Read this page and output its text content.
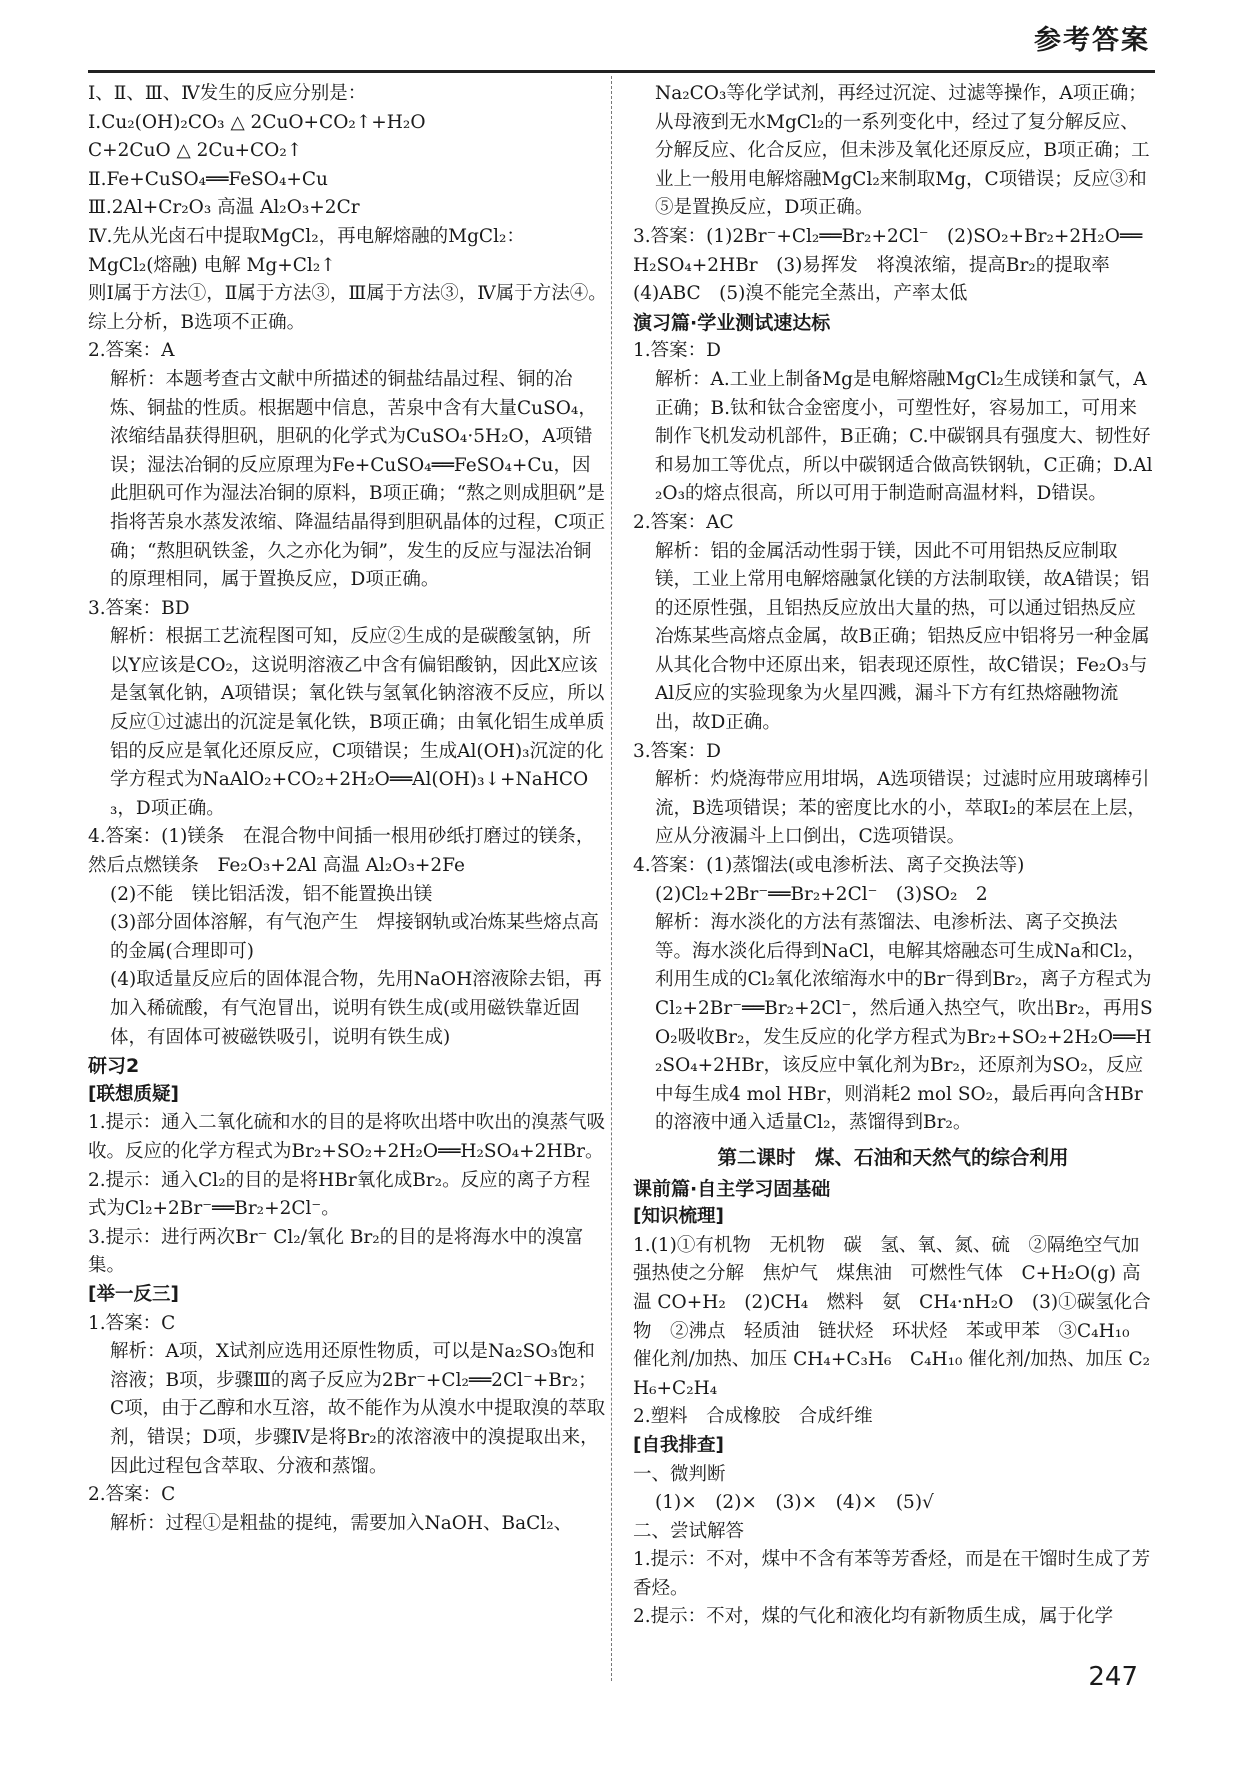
参考答案

Ⅰ、Ⅱ、Ⅲ、Ⅳ发生的反应分别是：

Ⅰ.Cu₂(OH)₂CO₃ △ 2CuO+CO₂↑+H₂O

C+2CuO △ 2Cu+CO₂↑

Ⅱ.Fe+CuSO₄══FeSO₄+Cu

Ⅲ.2Al+Cr₂O₃ 高温 Al₂O₃+2Cr

Ⅳ.先从光卤石中提取MgCl₂，再电解熔融的MgCl₂：

MgCl₂(熔融) 电解 Mg+Cl₂↑

则Ⅰ属于方法①，Ⅱ属于方法③，Ⅲ属于方法③，Ⅳ属于方法④。综上分析，B选项不正确。

2.答案：A

解析：本题考查古文献中所描述的铜盐结晶过程、铜的冶炼、铜盐的性质。根据题中信息，苦泉中含有大量CuSO₄，浓缩结晶获得胆矾，胆矾的化学式为CuSO₄·5H₂O，A项错误；湿法冶铜的反应原理为Fe+CuSO₄══FeSO₄+Cu，因此胆矾可作为湿法冶铜的原料，B项正确；“熬之则成胆矾”是指将苦泉水蒸发浓缩、降温结晶得到胆矾晶体的过程，C项正确；“熬胆矾铁釜，久之亦化为铜”，发生的反应与湿法冶铜的原理相同，属于置换反应，D项正确。

3.答案：BD

解析：根据工艺流程图可知，反应②生成的是碳酸氢钠，所以Y应该是CO₂，这说明溶液乙中含有偏铝酸钠，因此X应该是氢氧化钠，A项错误；氧化铁与氢氧化钠溶液不反应，所以反应①过滤出的沉淀是氧化铁，B项正确；由氧化铝生成单质铝的反应是氧化还原反应，C项错误；生成Al(OH)₃沉淀的化学方程式为NaAlO₂+CO₂+2H₂O══Al(OH)₃↓+NaHCO₃，D项正确。

4.答案：(1)镁条　在混合物中间插一根用砂纸打磨过的镁条，然后点燃镁条　Fe₂O₃+2Al 高温 Al₂O₃+2Fe

(2)不能　镁比铝活泼，铝不能置换出镁

(3)部分固体溶解，有气泡产生　焊接钢轨或冶炼某些熔点高的金属(合理即可)

(4)取适量反应后的固体混合物，先用NaOH溶液除去铝，再加入稀硫酸，有气泡冒出，说明有铁生成(或用磁铁靠近固体，有固体可被磁铁吸引，说明有铁生成)

研习2

[联想质疑]

1.提示：通入二氧化硫和水的目的是将吹出塔中吹出的溴蒸气吸收。反应的化学方程式为Br₂+SO₂+2H₂O══H₂SO₄+2HBr。

2.提示：通入Cl₂的目的是将HBr氧化成Br₂。反应的离子方程式为Cl₂+2Br⁻══Br₂+2Cl⁻。

3.提示：进行两次Br⁻ Cl₂/氧化 Br₂的目的是将海水中的溴富集。

[举一反三]

1.答案：C

解析：A项，X试剂应选用还原性物质，可以是Na₂SO₃饱和溶液；B项，步骤Ⅲ的离子反应为2Br⁻+Cl₂══2Cl⁻+Br₂；C项，由于乙醇和水互溶，故不能作为从溴水中提取溴的萃取剂，错误；D项，步骤Ⅳ是将Br₂的浓溶液中的溴提取出来，因此过程包含萃取、分液和蒸馏。

2.答案：C

解析：过程①是粗盐的提纯，需要加入NaOH、BaCl₂、

Na₂CO₃等化学试剂，再经过沉淀、过滤等操作，A项正确；从母液到无水MgCl₂的一系列变化中，经过了复分解反应、分解反应、化合反应，但未涉及氧化还原反应，B项正确；工业上一般用电解熔融MgCl₂来制取Mg，C项错误；反应③和⑤是置换反应，D项正确。

3.答案：(1)2Br⁻+Cl₂══Br₂+2Cl⁻　(2)SO₂+Br₂+2H₂O══H₂SO₄+2HBr　(3)易挥发　将溴浓缩，提高Br₂的提取率　(4)ABC　(5)溴不能完全蒸出，产率太低

演习篇·学业测试速达标

1.答案：D

解析：A.工业上制备Mg是电解熔融MgCl₂生成镁和氯气，A正确；B.钛和钛合金密度小，可塑性好，容易加工，可用来制作飞机发动机部件，B正确；C.中碳钢具有强度大、韧性好和易加工等优点，所以中碳钢适合做高铁钢轨，C正确；D.Al₂O₃的熔点很高，所以可用于制造耐高温材料，D错误。

2.答案：AC

解析：铝的金属活动性弱于镁，因此不可用铝热反应制取镁，工业上常用电解熔融氯化镁的方法制取镁，故A错误；铝的还原性强，且铝热反应放出大量的热，可以通过铝热反应冶炼某些高熔点金属，故B正确；铝热反应中铝将另一种金属从其化合物中还原出来，铝表现还原性，故C错误；Fe₂O₃与Al反应的实验现象为火星四溅，漏斗下方有红热熔融物流出，故D正确。

3.答案：D

解析：灼烧海带应用坩埚，A选项错误；过滤时应用玻璃棒引流，B选项错误；苯的密度比水的小，萃取I₂的苯层在上层，应从分液漏斗上口倒出，C选项错误。

4.答案：(1)蒸馏法(或电渗析法、离子交换法等)

(2)Cl₂+2Br⁻══Br₂+2Cl⁻　(3)SO₂　2

解析：海水淡化的方法有蒸馏法、电渗析法、离子交换法等。海水淡化后得到NaCl，电解其熔融态可生成Na和Cl₂，利用生成的Cl₂氧化浓缩海水中的Br⁻得到Br₂，离子方程式为Cl₂+2Br⁻══Br₂+2Cl⁻，然后通入热空气，吹出Br₂，再用SO₂吸收Br₂，发生反应的化学方程式为Br₂+SO₂+2H₂O══H₂SO₄+2HBr，该反应中氧化剂为Br₂，还原剂为SO₂，反应中每生成4 mol HBr，则消耗2 mol SO₂，最后再向含HBr的溶液中通入适量Cl₂，蒸馏得到Br₂。

第二课时　煤、石油和天然气的综合利用

课前篇·自主学习固基础

[知识梳理]

1.(1)①有机物　无机物　碳　氢、氧、氮、硫　②隔绝空气加强热使之分解　焦炉气　煤焦油　可燃性气体　C+H₂O(g) 高温 CO+H₂　(2)CH₄　燃料　氨　CH₄·nH₂O　(3)①碳氢化合物　②沸点　轻质油　链状烃　环状烃　苯或甲苯　③C₄H₁₀ 催化剂/加热、加压 CH₄+C₃H₆　C₄H₁₀ 催化剂/加热、加压 C₂H₆+C₂H₄

2.塑料　合成橡胶　合成纤维

[自我排查]

一、微判断

(1)×　(2)×　(3)×　(4)×　(5)√

二、尝试解答

1.提示：不对，煤中不含有苯等芳香烃，而是在干馏时生成了芳香烃。

2.提示：不对，煤的气化和液化均有新物质生成，属于化学

247
